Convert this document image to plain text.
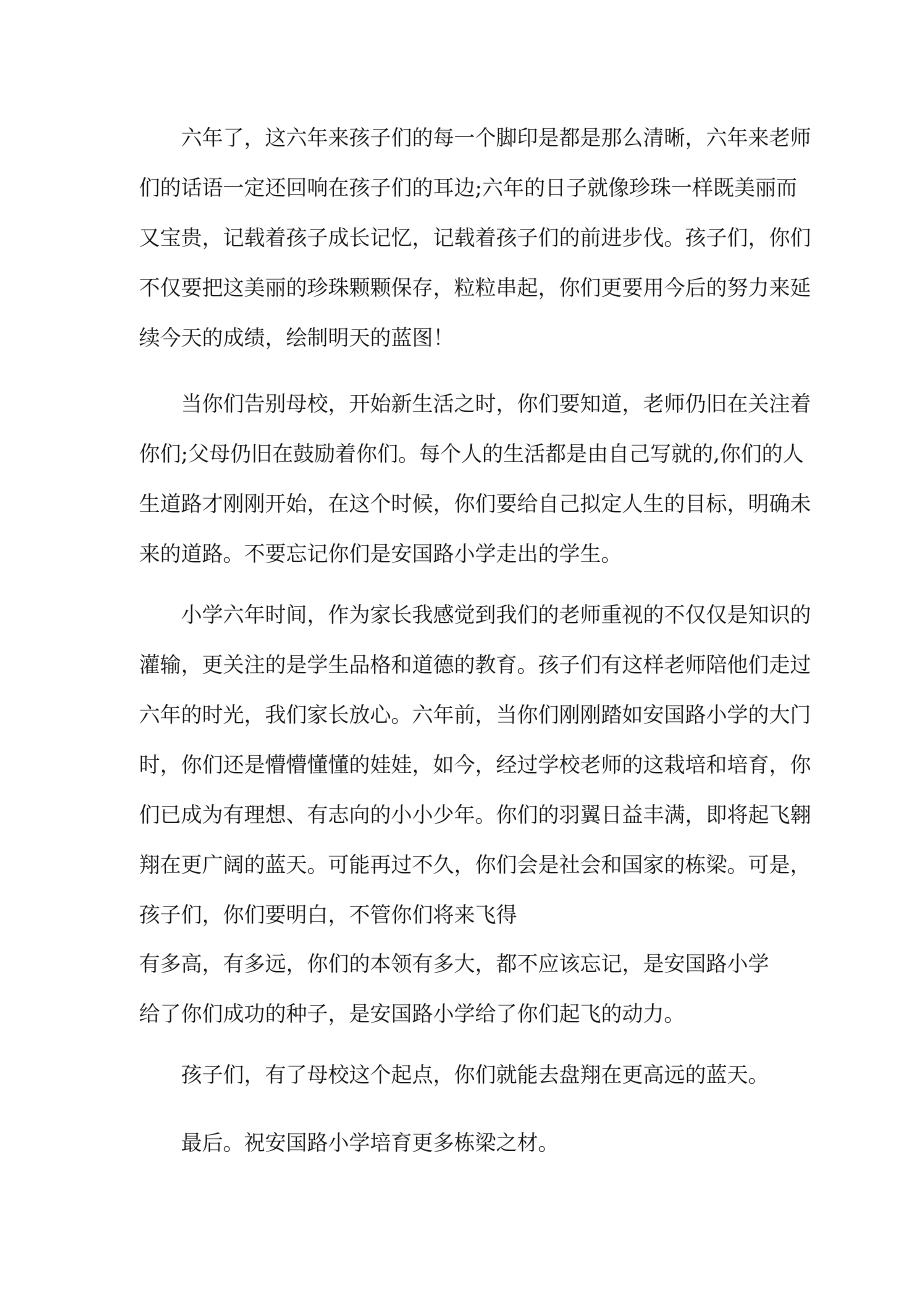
六年了，这六年来孩子们的每一个脚印是都是那么清晰，六年来老师

们的话语一定还回响在孩子们的耳边;六年的日子就像珍珠一样既美丽而

又宝贵，记载着孩子成长记忆，记载着孩子们的前进步伐。孩子们，你们

不仅要把这美丽的珍珠颗颗保存，粒粒串起，你们更要用今后的努力来延

续今天的成绩，绘制明天的蓝图！

当你们告别母校，开始新生活之时，你们要知道，老师仍旧在关注着

你们;父母仍旧在鼓励着你们。每个人的生活都是由自己写就的,你们的人

生道路才刚刚开始，在这个时候，你们要给自己拟定人生的目标，明确未

来的道路。不要忘记你们是安国路小学走出的学生。

小学六年时间，作为家长我感觉到我们的老师重视的不仅仅是知识的

灌输，更关注的是学生品格和道德的教育。孩子们有这样老师陪他们走过

六年的时光，我们家长放心。六年前，当你们刚刚踏如安国路小学的大门

时，你们还是懵懵懂懂的娃娃，如今，经过学校老师的这栽培和培育，你

们已成为有理想、有志向的小小少年。你们的羽翼日益丰满，即将起飞翱

翔在更广阔的蓝天。可能再过不久，你们会是社会和国家的栋梁。可是，

孩子们，你们要明白，不管你们将来飞得

有多高，有多远，你们的本领有多大，都不应该忘记，是安国路小学

给了你们成功的种子，是安国路小学给了你们起飞的动力。

孩子们，有了母校这个起点，你们就能去盘翔在更高远的蓝天。

最后。祝安国路小学培育更多栋梁之材。
